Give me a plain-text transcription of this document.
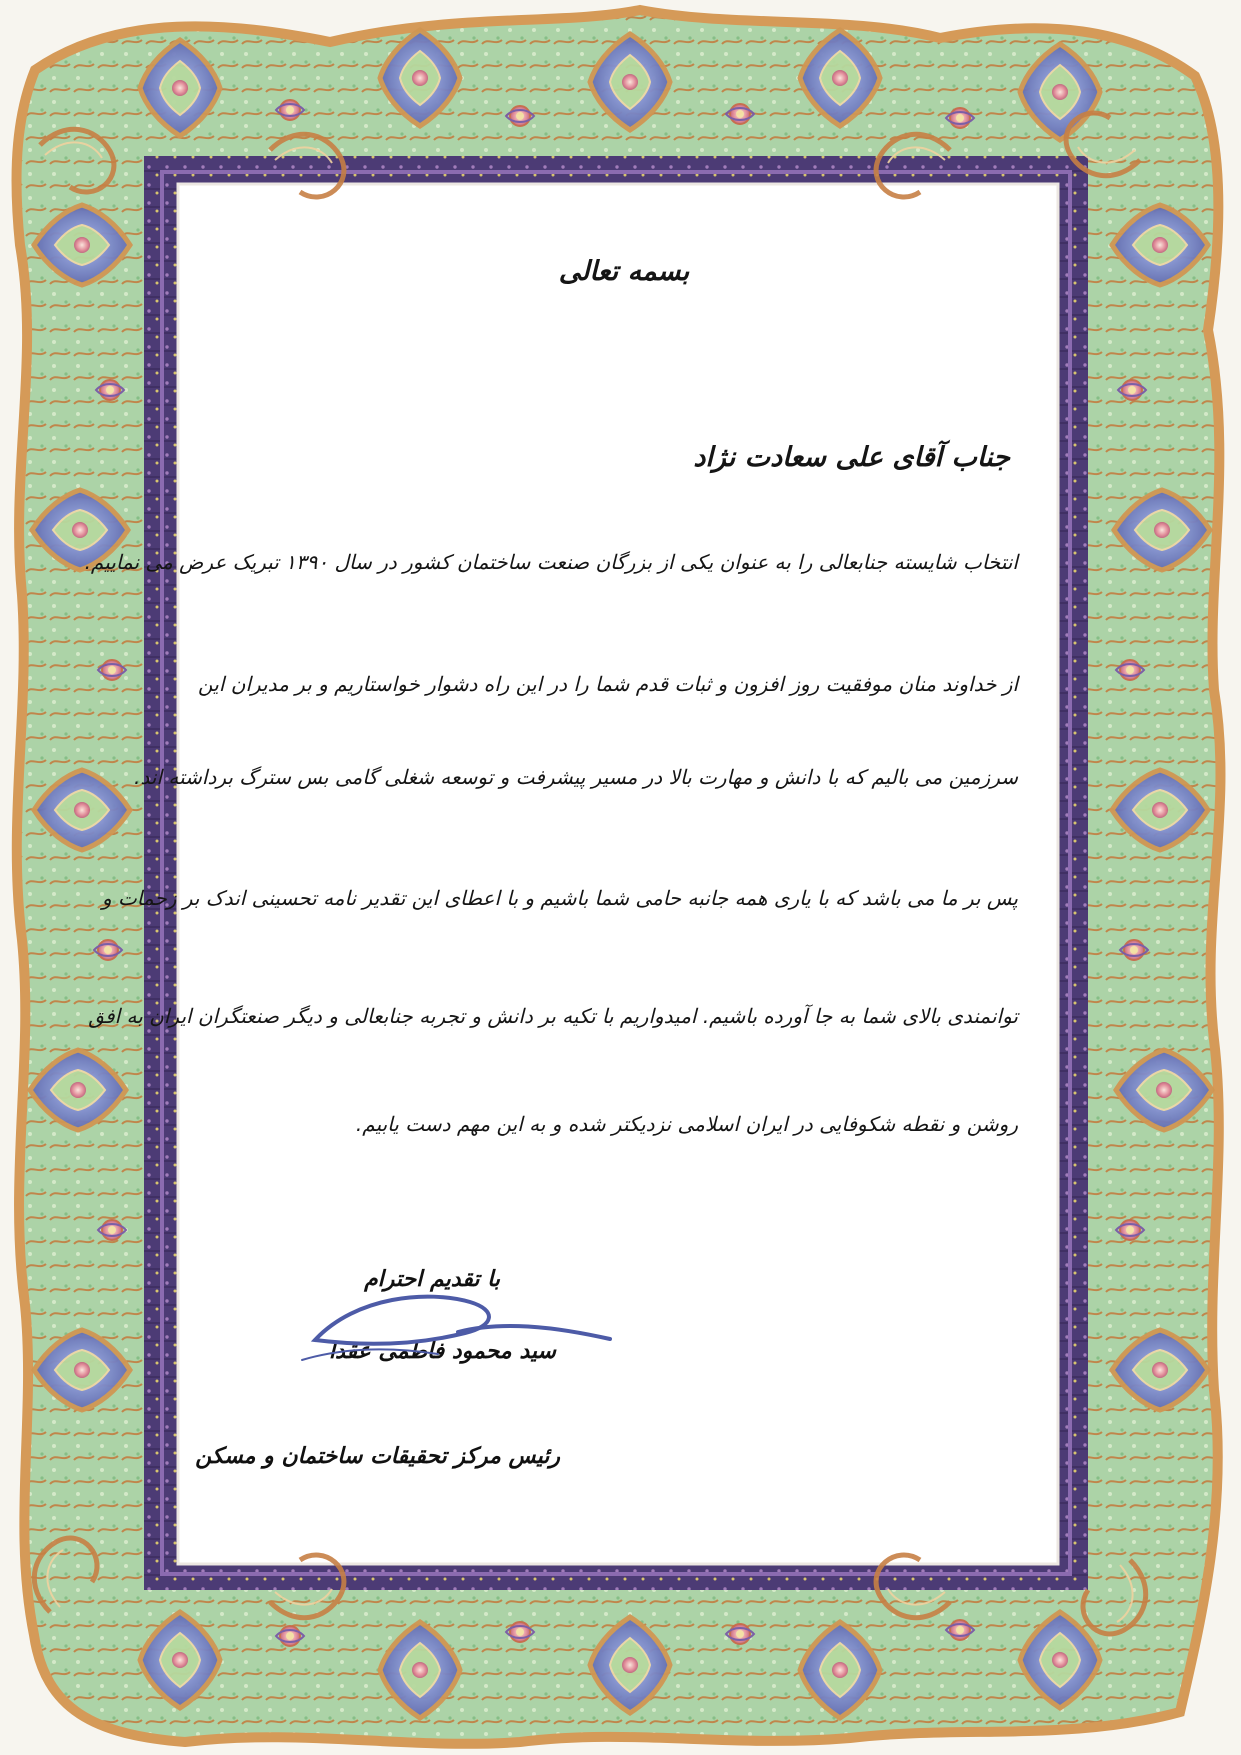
بسمه تعالی
جناب آقای علی سعادت نژاد
انتخاب شایسته جنابعالی را به عنوان یکی از بزرگان صنعت ساختمان کشور در سال ۱۳۹۰ تبریک عرض می نماییم.
از خداوند منان موفقیت روز افزون و ثبات قدم شما را در این راه دشوار خواستاریم و بر مدیران این
سرزمین می بالیم که با دانش و مهارت بالا در مسیر پیشرفت و توسعه شغلی گامی بس سترگ برداشته اند.
پس بر ما می باشد که با یاری همه جانبه حامی شما باشیم و با اعطای این تقدیر نامه تحسینی اندک بر زحمات و
توانمندی بالای شما به جا آورده باشیم. امیدواریم با تکیه بر دانش و تجربه جنابعالی و دیگر صنعتگران ایران به افق
روشن و نقطه شکوفایی در ایران اسلامی نزدیکتر شده و به این مهم دست یابیم.
با تقدیم احترام
سید محمود فاطمی عقدا
رئیس مرکز تحقیقات ساختمان و مسکن
